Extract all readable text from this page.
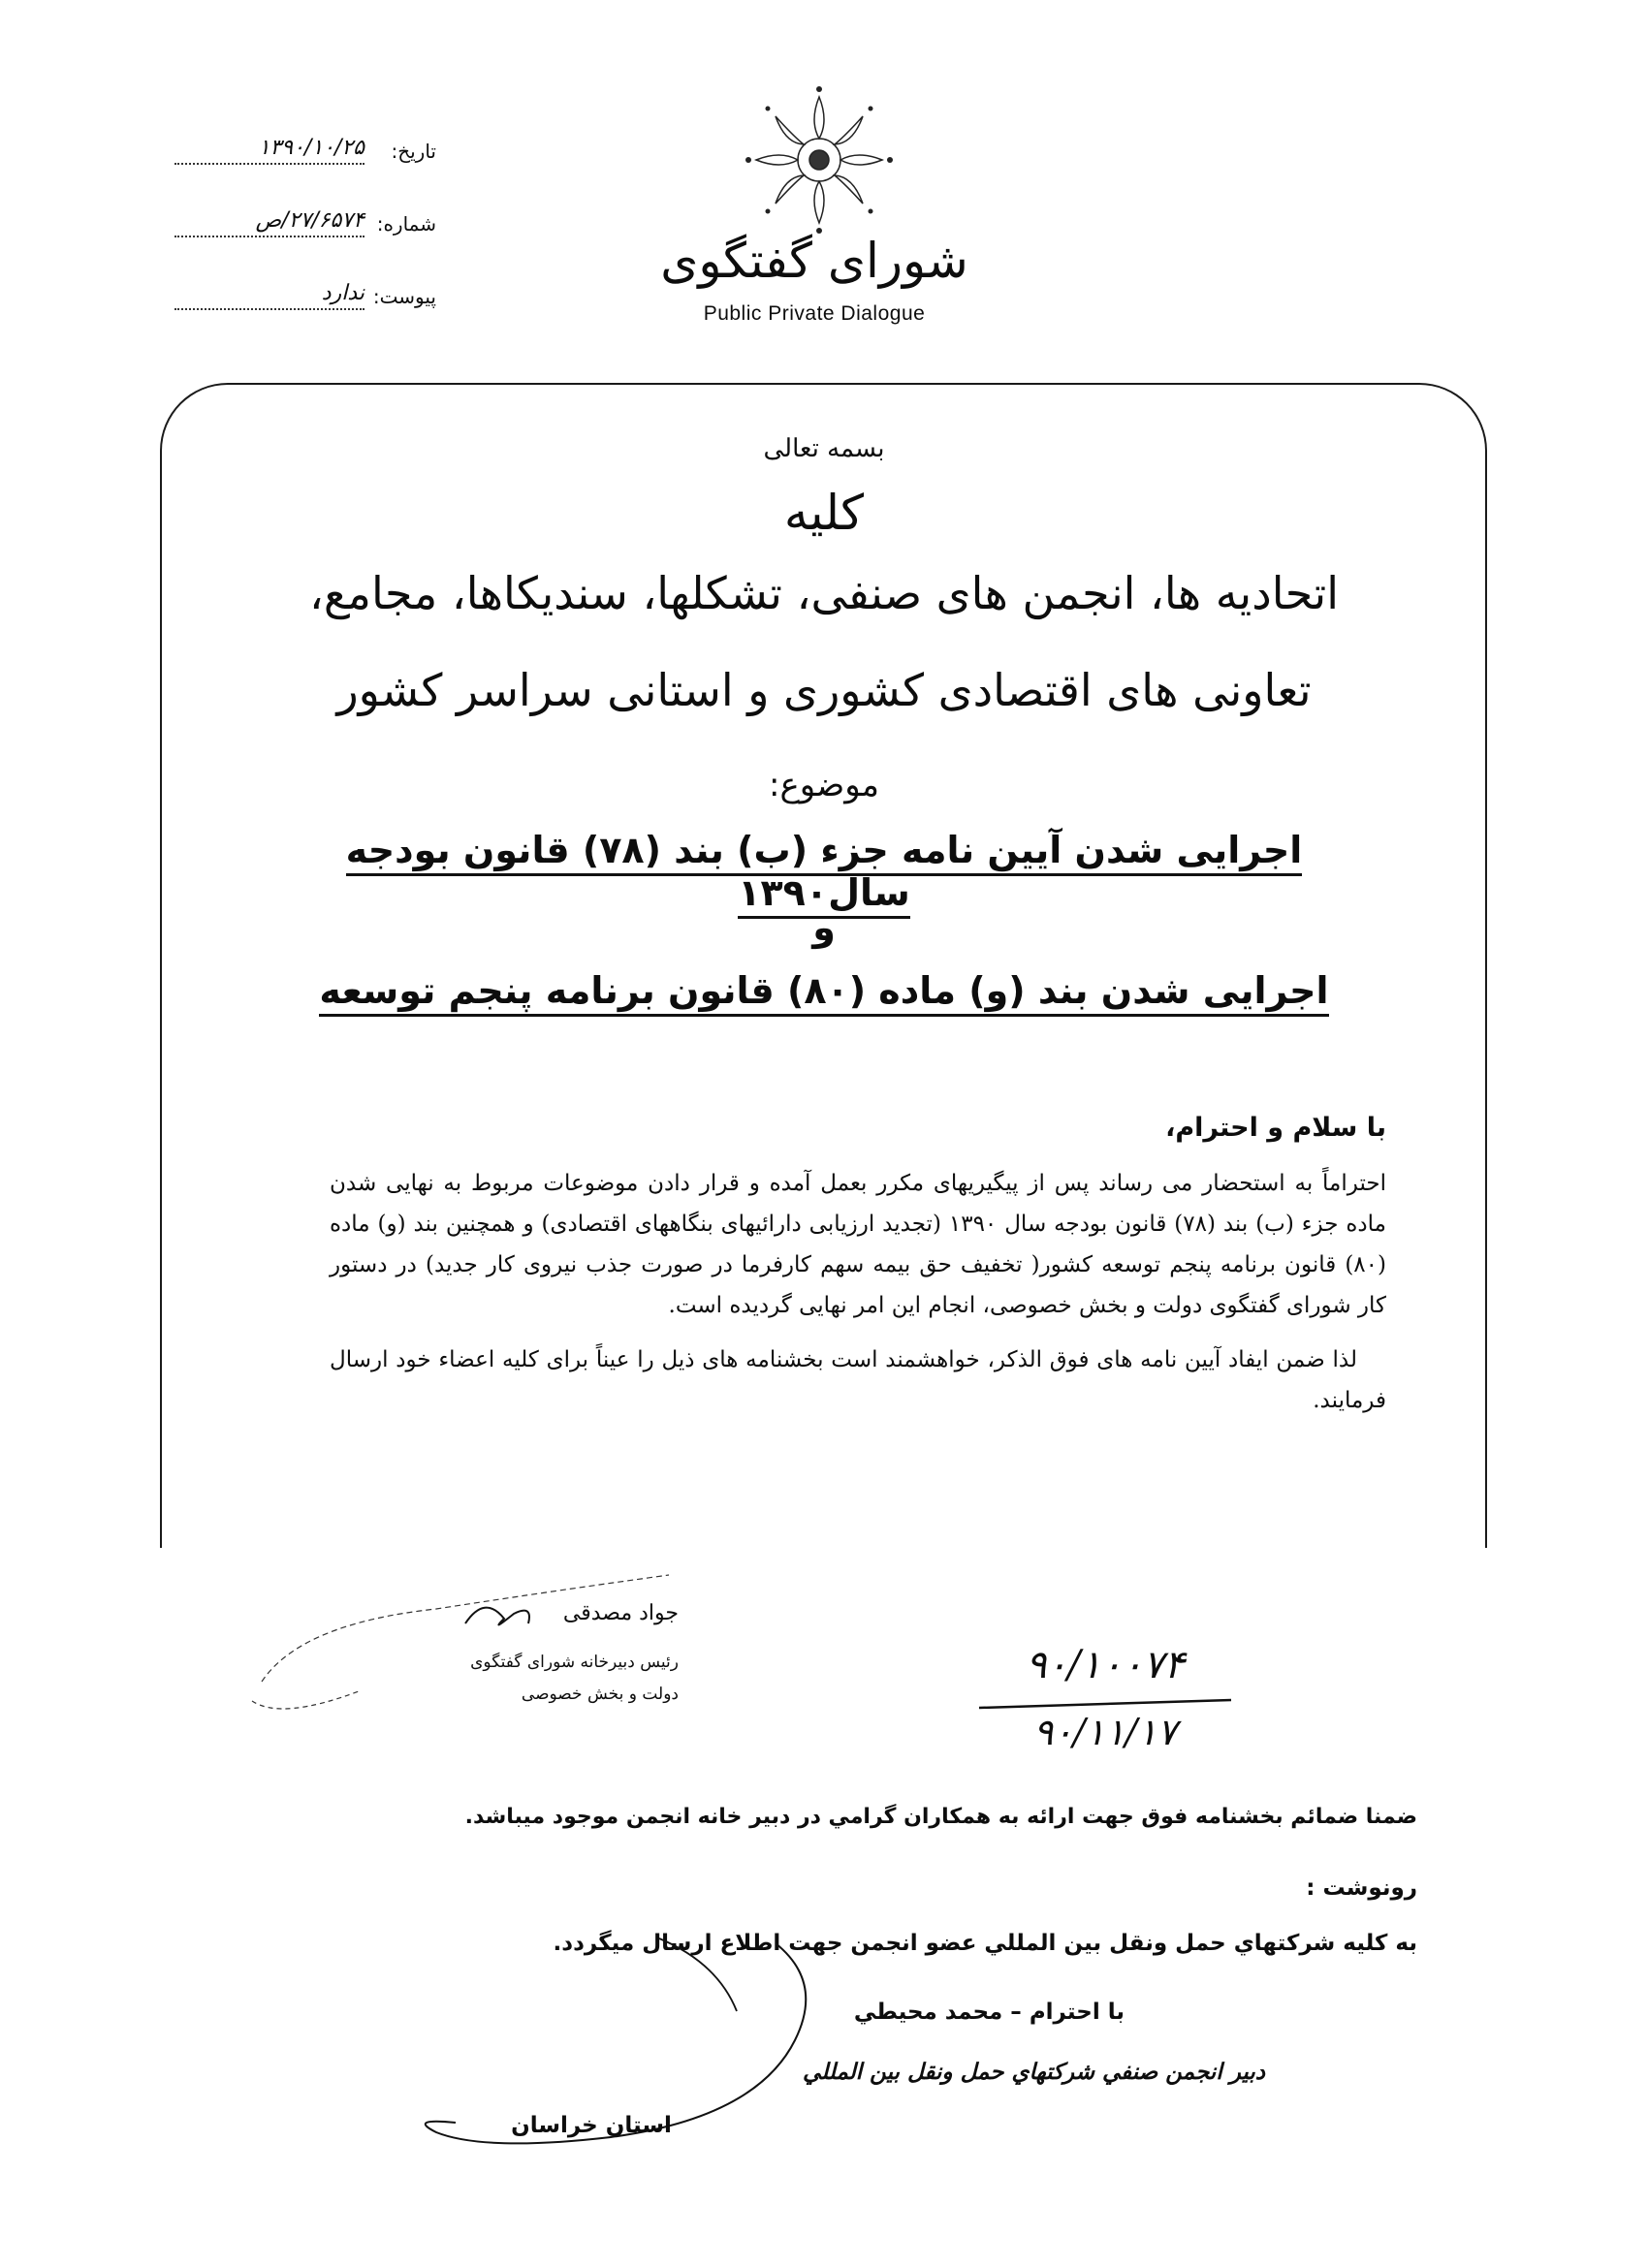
تاریخ:
۱۳۹۰/۱۰/۲۵
شماره:
۲۷/۶۵۷۴/ص
پیوست:
ندارد
شورای گفتگوی
Public Private Dialogue
بسمه تعالی
کلیه
اتحادیه ها، انجمن های صنفی، تشکلها، سندیکاها، مجامع،
تعاونی های اقتصادی کشوری و استانی سراسر کشور
موضوع:
اجرایی شدن آیین نامه جزء (ب) بند (۷۸) قانون بودجه سال۱۳۹۰
و
اجرایی شدن بند (و) ماده (۸۰) قانون برنامه پنجم توسعه
با سلام و احترام،

احتراماً به استحضار می رساند پس از پیگیریهای مکرر بعمل آمده و قرار دادن موضوعات مربوط به نهایی شدن ماده جزء (ب) بند (۷۸) قانون بودجه سال ۱۳۹۰ (تجدید ارزیابی دارائیهای بنگاههای اقتصادی) و همچنین بند (و) ماده (۸۰) قانون برنامه پنجم توسعه کشور( تخفیف حق بیمه سهم کارفرما در صورت جذب نیروی کار جدید) در دستور کار شورای گفتگوی دولت و بخش خصوصی، انجام این امر نهایی گردیده است.

لذا ضمن ایفاد آیین نامه های فوق الذکر، خواهشمند است بخشنامه های ذیل را عیناً برای کلیه اعضاء خود ارسال فرمایند.

جواد مصدقی
رئیس دبیرخانه شورای گفتگوی
دولت و بخش خصوصی
۹۰/۱۰۰۷۴
۹۰/۱۱/۱۷
ضمنا ضمائم بخشنامه فوق جهت ارائه به همكاران گرامي در دبير خانه انجمن موجود ميباشد.
رونوشت :
به كليه شركتهاي حمل ونقل بين المللي عضو انجمن جهت اطلاع ارسال ميگردد.
با احترام – محمد محيطي
دبير انجمن صنفي شركتهاي حمل ونقل بين المللي
استان خراسان
